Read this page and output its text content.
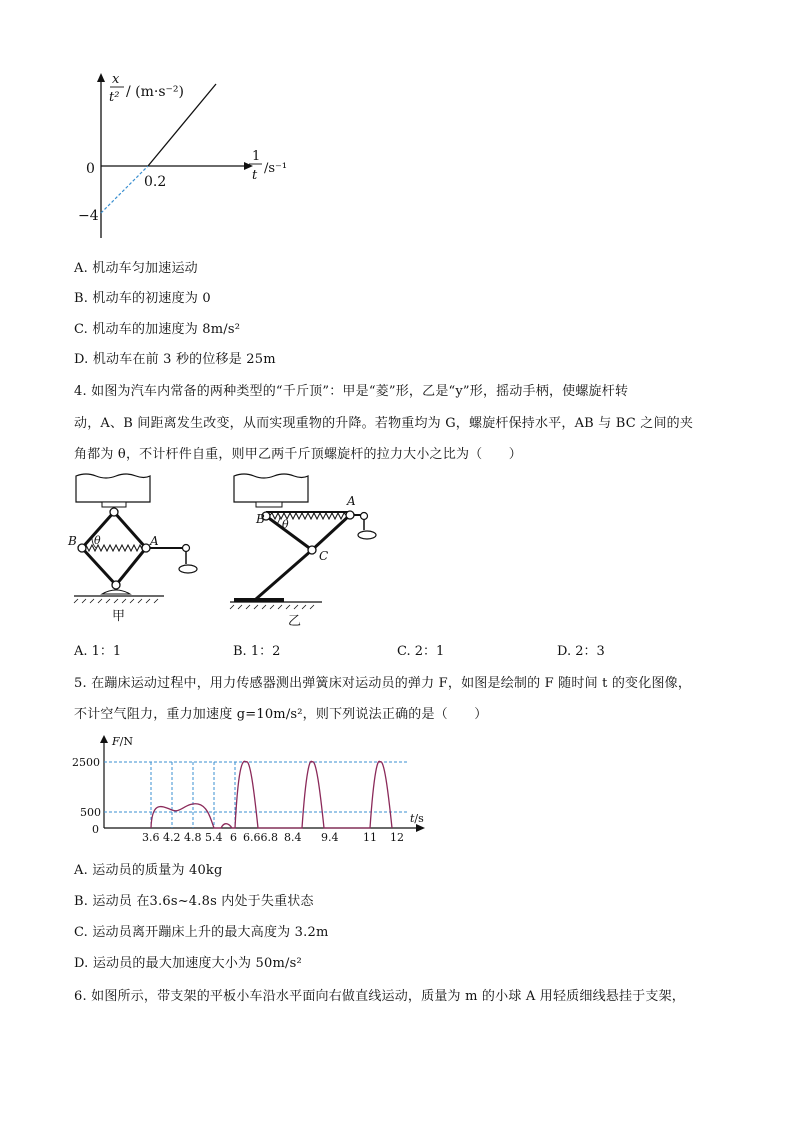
x
t² / (m·s⁻²)
1
t /s⁻¹
0
0.2
−4
A. 机动车匀加速运动
B. 机动车的初速度为 0
C. 机动车的加速度为 8m/s²
D. 机动车在前 3 秒的位移是 25m
4. 如图为汽车内常备的两种类型的“千斤顶”：甲是“菱”形，乙是“y”形，摇动手柄，使螺旋杆转
动，A、B 间距离发生改变，从而实现重物的升降。若物重均为 G，螺旋杆保持水平，AB 与 BC 之间的夹
角都为 θ，不计杆件自重，则甲乙两千斤顶螺旋杆的拉力大小之比为（　　）
B	A
θ
甲
B
A
C
θ
乙
A. 1：1	B. 1：2	C. 2：1	D. 2：3
5. 在蹦床运动过程中，用力传感器测出弹簧床对运动员的弹力 F，如图是绘制的 F 随时间 t 的变化图像，
不计空气阻力，重力加速度 g=10m/s²，则下列说法正确的是（　　）
F/N
t/s
2500
500
0
3.6 4.2 4.8 5.4 6 6.66.8 8.4 9.4 11 12
A. 运动员的质量为 40kg
B. 运动员 在3.6s~4.8s 内处于失重状态
C. 运动员离开蹦床上升的最大高度为 3.2m
D. 运动员的最大加速度大小为 50m/s²
6. 如图所示，带支架的平板小车沿水平面向右做直线运动，质量为 m 的小球 A 用轻质细线悬挂于支架，
